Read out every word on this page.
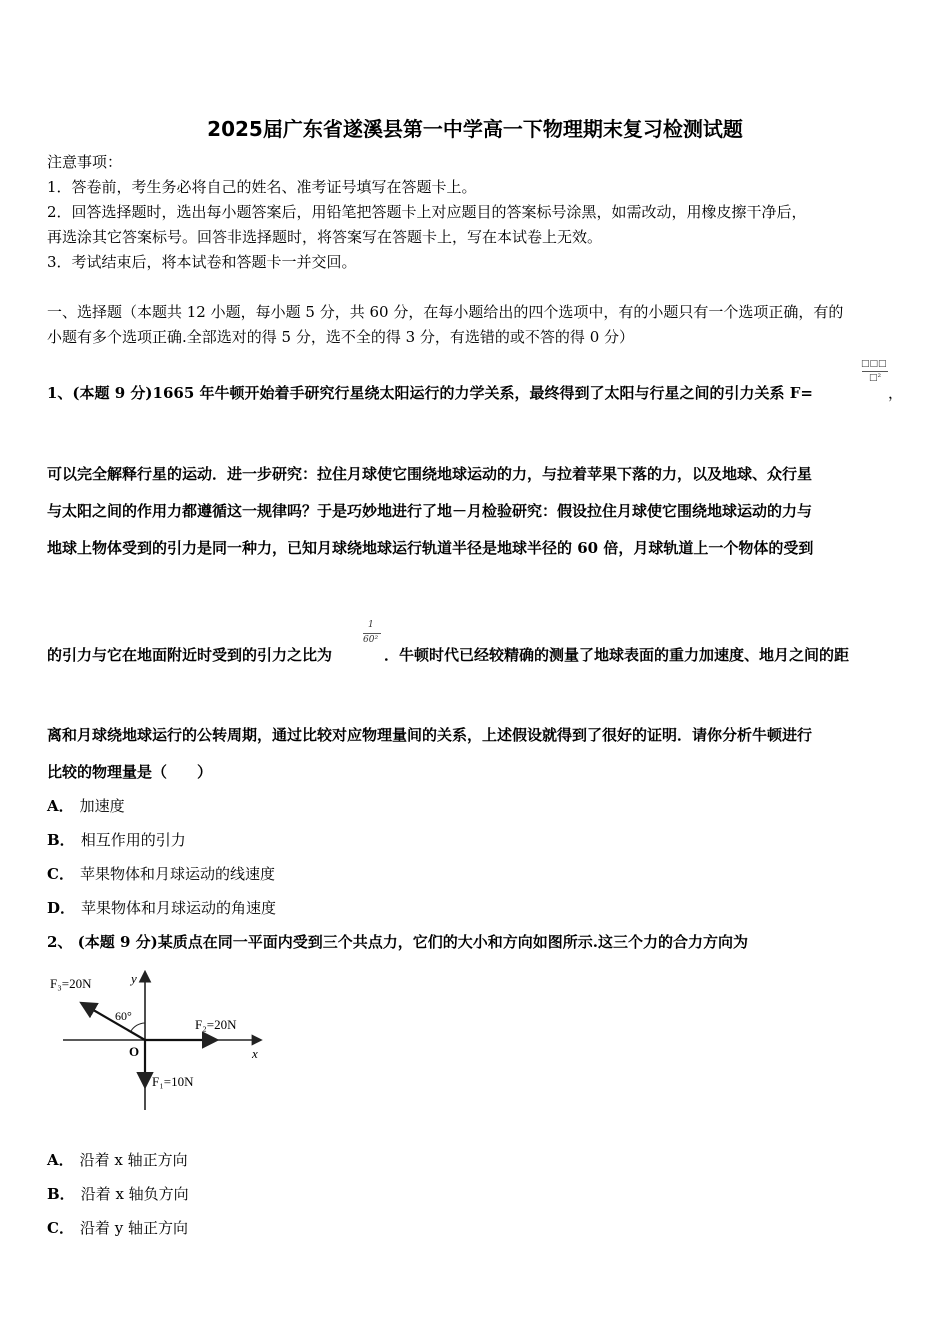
2025届广东省遂溪县第一中学高一下物理期末复习检测试题
注意事项：
1．答卷前，考生务必将自己的姓名、准考证号填写在答题卡上。
2．回答选择题时，选出每小题答案后，用铅笔把答题卡上对应题目的答案标号涂黑，如需改动，用橡皮擦干净后，
再选涂其它答案标号。回答非选择题时，将答案写在答题卡上，写在本试卷上无效。
3．考试结束后，将本试卷和答题卡一并交回。
一、选择题（本题共 12 小题，每小题 5 分，共 60 分，在每小题给出的四个选项中，有的小题只有一个选项正确，有的
小题有多个选项正确.全部选对的得 5 分，选不全的得 3 分，有选错的或不答的得 0 分）
1、(本题 9 分)1665 年牛顿开始着手研究行星绕太阳运行的力学关系，最终得到了太阳与行星之间的引力关系 F=
□□□
□²
，
可以完全解释行星的运动．进一步研究：拉住月球使它围绕地球运动的力，与拉着苹果下落的力，以及地球、众行星
与太阳之间的作用力都遵循这一规律吗？于是巧妙地进行了地－月检验研究：假设拉住月球使它围绕地球运动的力与
地球上物体受到的引力是同一种力，已知月球绕地球运行轨道半径是地球半径的 60 倍，月球轨道上一个物体的受到
的引力与它在地面附近时受到的引力之比为
1
60²
．牛顿时代已经较精确的测量了地球表面的重力加速度、地月之间的距
离和月球绕地球运行的公转周期，通过比较对应物理量间的关系，上述假设就得到了很好的证明．请你分析牛顿进行
比较的物理量是（　　）
A． 加速度
B． 相互作用的引力
C． 苹果物体和月球运动的线速度
D． 苹果物体和月球运动的角速度
2、 (本题 9 分)某质点在同一平面内受到三个共点力，它们的大小和方向如图所示.这三个力的合力方向为
F₃=20N
F₂=20N
F₁=10N
60°
O	x
y
A． 沿着 x 轴正方向
B． 沿着 x 轴负方向
C． 沿着 y 轴正方向
